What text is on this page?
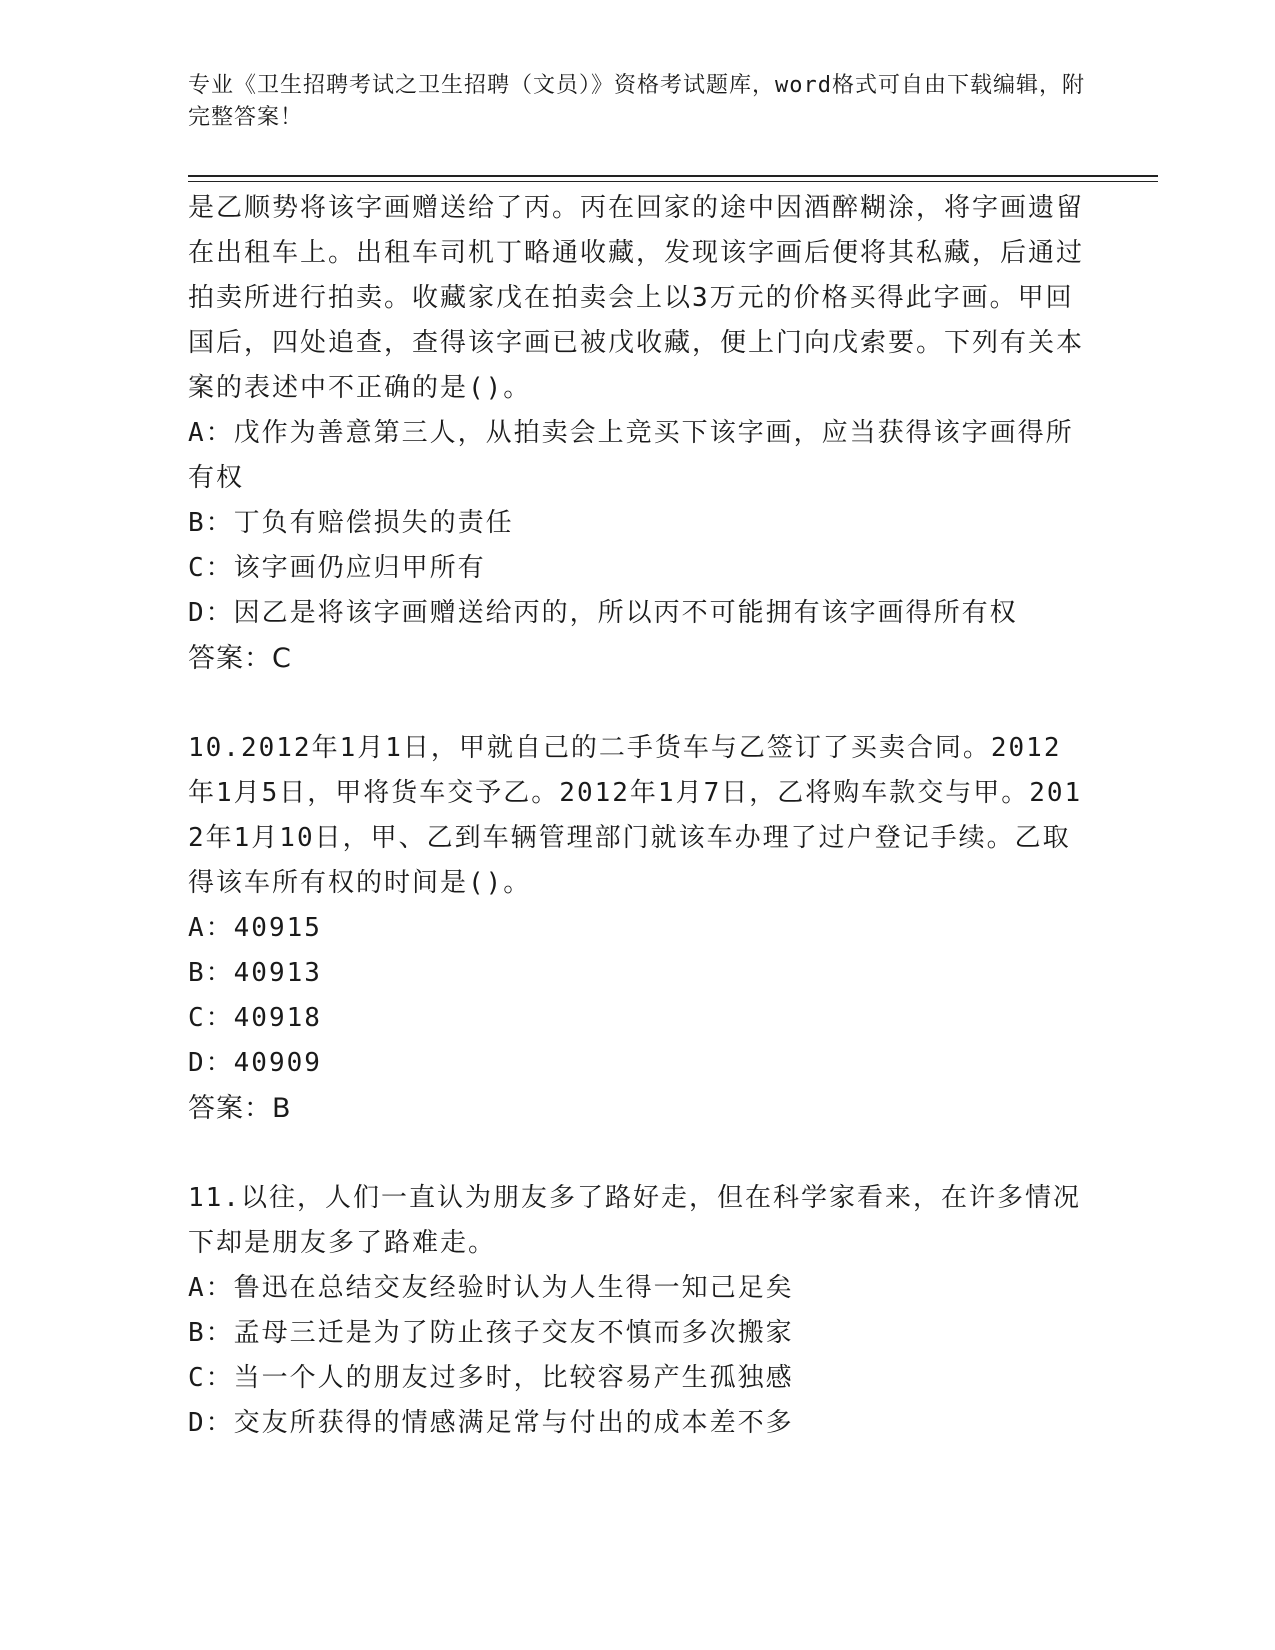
专业《卫生招聘考试之卫生招聘（文员）》资格考试题库，word格式可自由下载编辑，附完整答案！

是乙顺势将该字画赠送给了丙。丙在回家的途中因酒醉糊涂，将字画遗留在出租车上。出租车司机丁略通收藏，发现该字画后便将其私藏，后通过拍卖所进行拍卖。收藏家戊在拍卖会上以3万元的价格买得此字画。甲回国后，四处追查，查得该字画已被戊收藏，便上门向戊索要。下列有关本案的表述中不正确的是()。

A：戊作为善意第三人，从拍卖会上竞买下该字画，应当获得该字画得所有权

B：丁负有赔偿损失的责任

C：该字画仍应归甲所有

D：因乙是将该字画赠送给丙的，所以丙不可能拥有该字画得所有权

答案：C

10.2012年1月1日，甲就自己的二手货车与乙签订了买卖合同。2012年1月5日，甲将货车交予乙。2012年1月7日，乙将购车款交与甲。2012年1月10日，甲、乙到车辆管理部门就该车办理了过户登记手续。乙取得该车所有权的时间是()。

A：40915

B：40913

C：40918

D：40909

答案：B

11.以往，人们一直认为朋友多了路好走，但在科学家看来，在许多情况下却是朋友多了路难走。

A：鲁迅在总结交友经验时认为人生得一知己足矣

B：孟母三迁是为了防止孩子交友不慎而多次搬家

C：当一个人的朋友过多时，比较容易产生孤独感

D：交友所获得的情感满足常与付出的成本差不多
